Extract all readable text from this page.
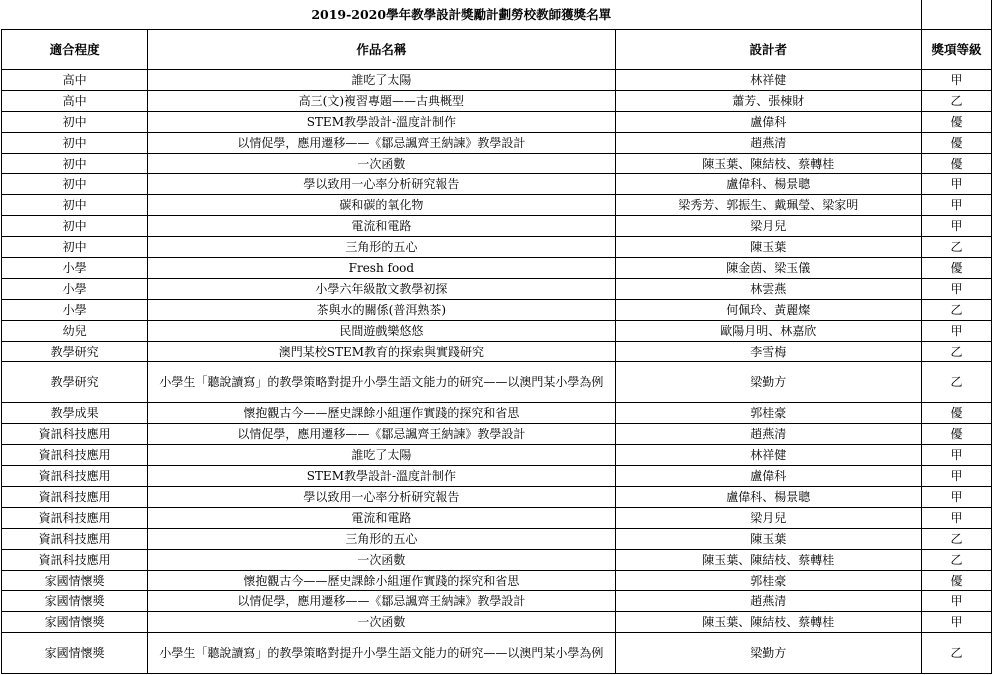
2019-2020學年教學設計獎勵計劃勞校教師獲獎名單			
適合程度	作品名稱	設計者	獎項等級
高中	誰吃了太陽	林祥健	甲
高中	高三(文)複習專題——古典概型	蕭芳、張棟財	乙
初中	STEM教學設計-溫度計制作	盧偉科	優
初中	以情促學，應用遷移——《鄒忌諷齊王納諫》教學設計	趙燕清	優
初中	一次函數	陳玉葉、陳結枝、蔡轉桂	優
初中	學以致用一心率分析研究報告	盧偉科、楊景聰	甲
初中	碳和碳的氧化物	梁秀芳、郭振生、戴珮瑩、梁家明	甲
初中	電流和電路	梁月兒	甲
初中	三角形的五心	陳玉葉	乙
小學	Fresh food	陳金茵、梁玉儀	優
小學	小學六年級散文教學初探	林雲燕	甲
小學	茶與水的關係(普洱熟茶)	何佩玲、黃麗燦	乙
幼兒	民間遊戲樂悠悠	歐陽月明、林嘉欣	甲
教學研究	澳門某校STEM教育的探索與實踐研究	李雪梅	乙
教學研究	小學生「聽說讀寫」的教學策略對提升小學生語文能力的研究——以澳門某小學為例	梁勤方	乙
教學成果	懷抱觀古今——歷史課餘小組運作實踐的探究和省思	郭桂豪	優
資訊科技應用	以情促學，應用遷移——《鄒忌諷齊王納諫》教學設計	趙燕清	優
資訊科技應用	誰吃了太陽	林祥健	甲
資訊科技應用	STEM教學設計-溫度計制作	盧偉科	甲
資訊科技應用	學以致用一心率分析研究報告	盧偉科、楊景聰	甲
資訊科技應用	電流和電路	梁月兒	甲
資訊科技應用	三角形的五心	陳玉葉	乙
資訊科技應用	一次函數	陳玉葉、陳結枝、蔡轉桂	乙
家國情懷獎	懷抱觀古今——歷史課餘小組運作實踐的探究和省思	郭桂豪	優
家國情懷獎	以情促學，應用遷移——《鄒忌諷齊王納諫》教學設計	趙燕清	甲
家國情懷獎	一次函數	陳玉葉、陳結枝、蔡轉桂	甲
家國情懷獎	小學生「聽說讀寫」的教學策略對提升小學生語文能力的研究——以澳門某小學為例	梁勤方	乙
